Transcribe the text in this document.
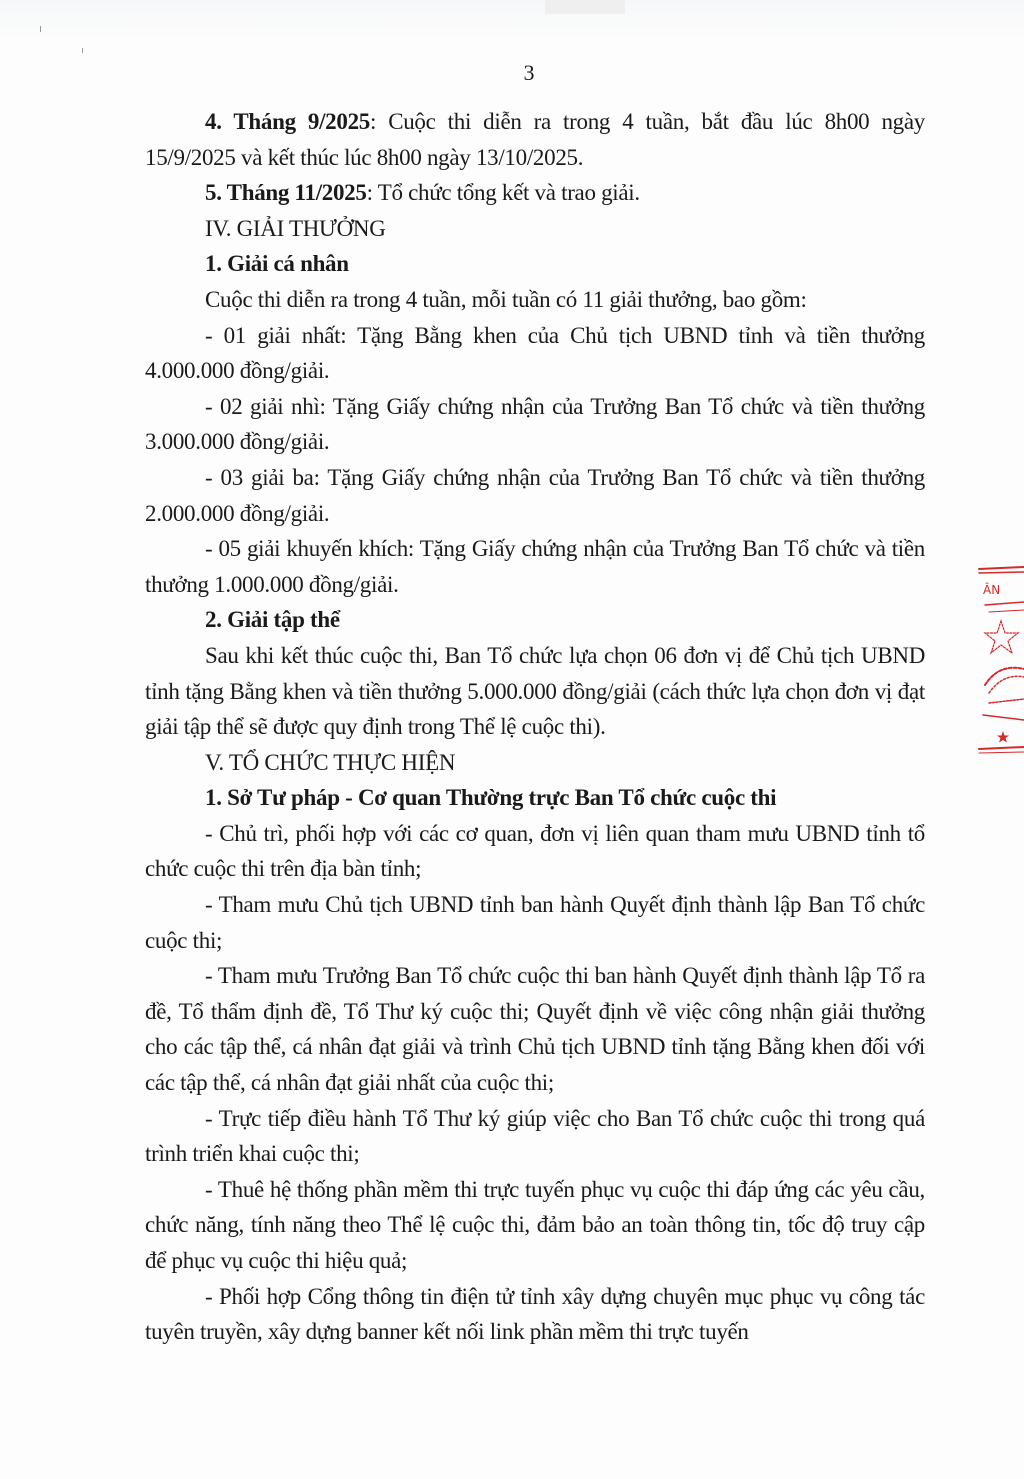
3

4. Tháng 9/2025: Cuộc thi diễn ra trong 4 tuần, bắt đầu lúc 8h00 ngày 15/9/2025 và kết thúc lúc 8h00 ngày 13/10/2025.

5. Tháng 11/2025: Tổ chức tổng kết và trao giải.

IV. GIẢI THƯỞNG

1. Giải cá nhân

Cuộc thi diễn ra trong 4 tuần, mỗi tuần có 11 giải thưởng, bao gồm:

- 01 giải nhất: Tặng Bằng khen của Chủ tịch UBND tỉnh và tiền thưởng 4.000.000 đồng/giải.

- 02 giải nhì: Tặng Giấy chứng nhận của Trưởng Ban Tổ chức và tiền thưởng 3.000.000 đồng/giải.

- 03 giải ba: Tặng Giấy chứng nhận của Trưởng Ban Tổ chức và tiền thưởng 2.000.000 đồng/giải.

- 05 giải khuyến khích: Tặng Giấy chứng nhận của Trưởng Ban Tổ chức và tiền thưởng 1.000.000 đồng/giải.

2. Giải tập thể

Sau khi kết thúc cuộc thi, Ban Tổ chức lựa chọn 06 đơn vị để Chủ tịch UBND tỉnh tặng Bằng khen và tiền thưởng 5.000.000 đồng/giải (cách thức lựa chọn đơn vị đạt giải tập thể sẽ được quy định trong Thể lệ cuộc thi).

V. TỔ CHỨC THỰC HIỆN

1. Sở Tư pháp - Cơ quan Thường trực Ban Tổ chức cuộc thi

- Chủ trì, phối hợp với các cơ quan, đơn vị liên quan tham mưu UBND tỉnh tổ chức cuộc thi trên địa bàn tỉnh;

- Tham mưu Chủ tịch UBND tỉnh ban hành Quyết định thành lập Ban Tổ chức cuộc thi;

- Tham mưu Trưởng Ban Tổ chức cuộc thi ban hành Quyết định thành lập Tổ ra đề, Tổ thẩm định đề, Tổ Thư ký cuộc thi; Quyết định về việc công nhận giải thưởng cho các tập thể, cá nhân đạt giải và trình Chủ tịch UBND tỉnh tặng Bằng khen đối với các tập thể, cá nhân đạt giải nhất của cuộc thi;

- Trực tiếp điều hành Tổ Thư ký giúp việc cho Ban Tổ chức cuộc thi trong quá trình triển khai cuộc thi;

- Thuê hệ thống phần mềm thi trực tuyến phục vụ cuộc thi đáp ứng các yêu cầu, chức năng, tính năng theo Thể lệ cuộc thi, đảm bảo an toàn thông tin, tốc độ truy cập để phục vụ cuộc thi hiệu quả;

- Phối hợp Cổng thông tin điện tử tỉnh xây dựng chuyên mục phục vụ công tác tuyên truyền, xây dựng banner kết nối link phần mềm thi trực tuyến

ÂN
